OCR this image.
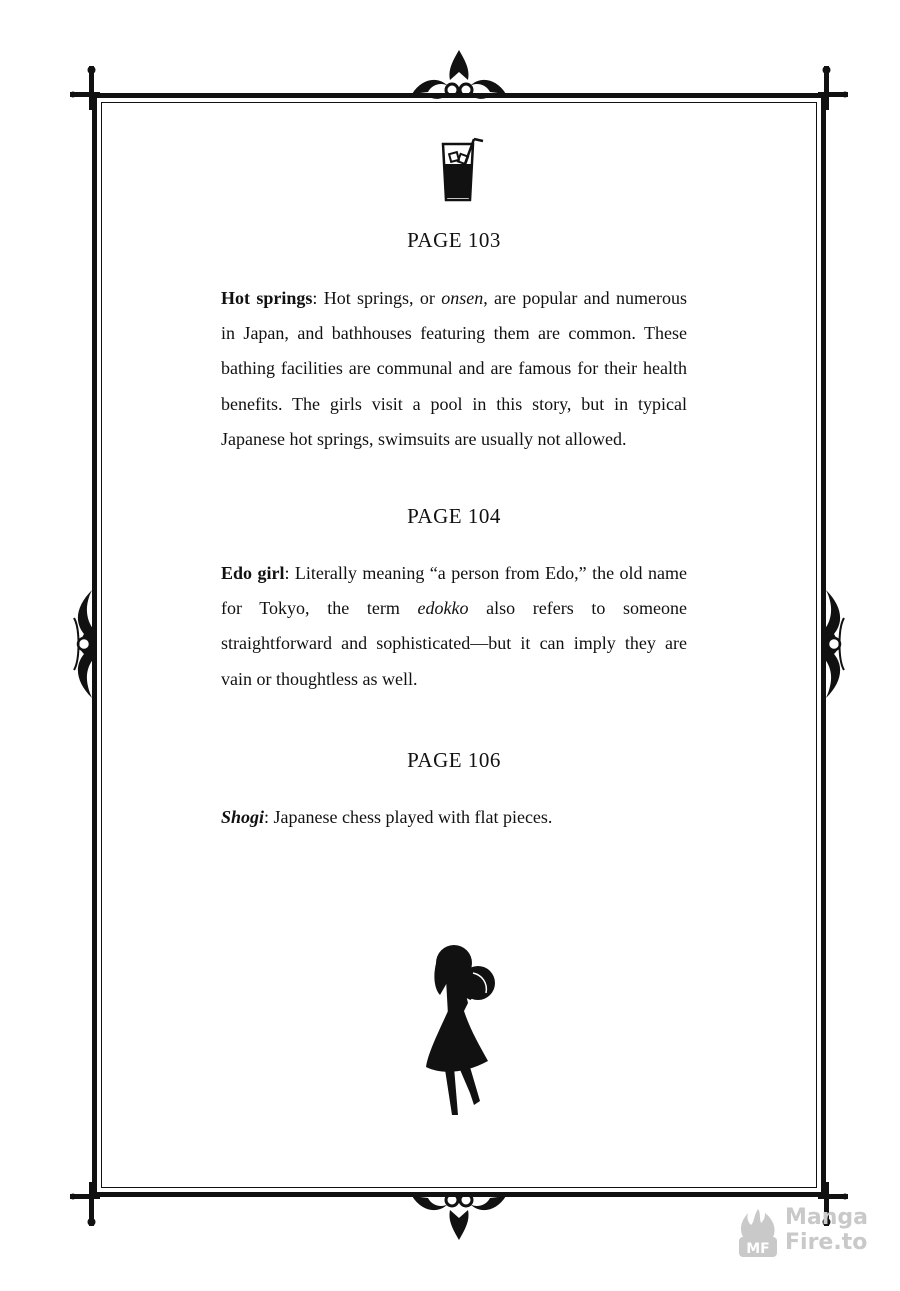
PAGE 103

Hot springs: Hot springs, or onsen, are popular and numerous in Japan, and bathhouses featuring them are common. These bathing facilities are communal and are famous for their health benefits. The girls visit a pool in this story, but in typical Japanese hot springs, swimsuits are usually not allowed.

PAGE 104

Edo girl: Literally meaning “a person from Edo,” the old name for Tokyo, the term edokko also refers to someone straightforward and sophisticated—but it can imply they are vain or thoughtless as well.

PAGE 106

Shogi: Japanese chess played with flat pieces.

MF
Manga
Fire.to
